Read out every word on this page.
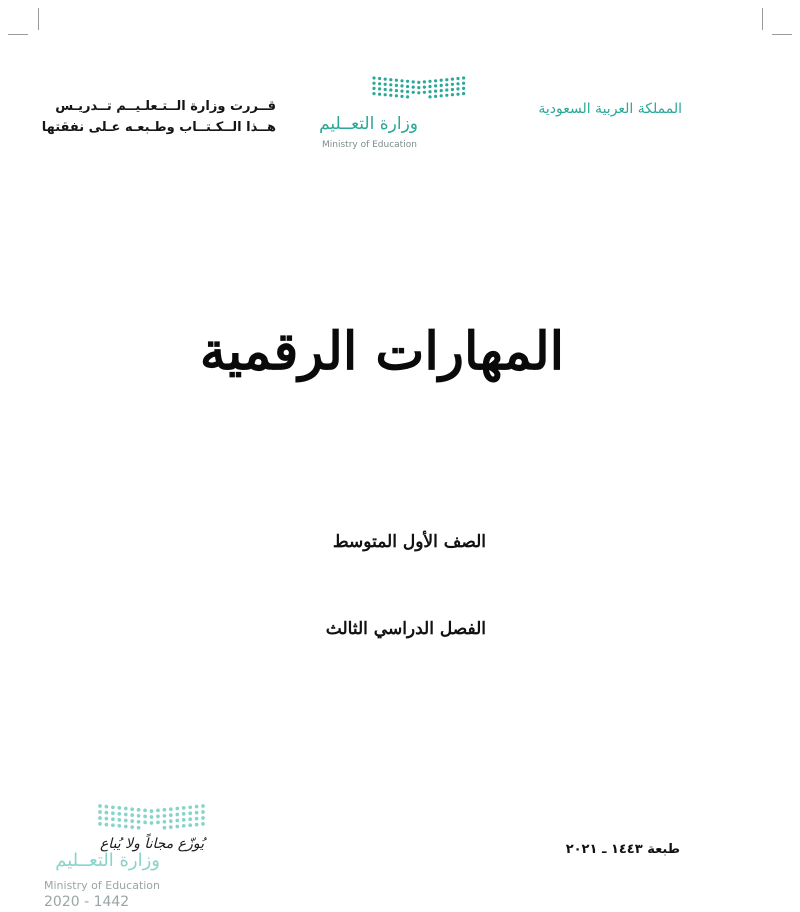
قــررت وزارة الــتـعلـيــم تــدريـس
هــذا الــكـتــاب وطـبعـه عـلى نفقتها	وزارة التعــليم
Ministry of Education
المملكة العربية السعودية
المهارات الرقمية
الصف الأول المتوسط
الفصل الدراسي الثالث
طبعة ١٤٤٣ ـ ٢٠٢١
يُوزّع مجاناً ولا يُباع
وزارة التعــليم
Ministry of Education
2020 - 1442
